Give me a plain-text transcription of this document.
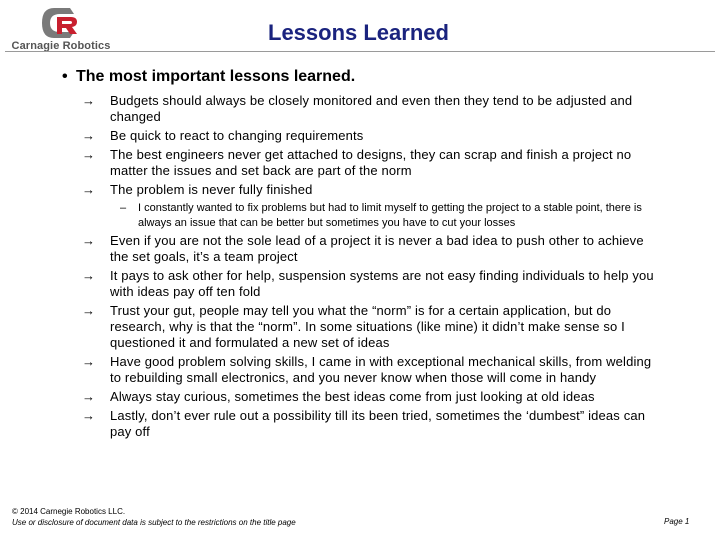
Carnagie Robotics
Lessons Learned
• The most important lessons learned.
→ Budgets should always be closely monitored and even then they tend to be adjusted and changed
→ Be quick to react to changing requirements
→ The best engineers never get attached to designs, they can scrap and finish a project no matter the issues and set back are part of the norm
→ The problem is never fully finished
– I constantly wanted to fix problems but had to limit myself to getting the project to a stable point, there is always an issue that can be better but sometimes you have to cut your losses
→ Even if you are not the sole lead of a project it is never a bad idea to push other to achieve the set goals, it’s a team project
→ It pays to ask other for help, suspension systems are not easy finding individuals to help you with ideas pay off ten fold
→ Trust your gut, people may tell you what the “norm” is for a certain application, but do research, why is that the “norm”. In some situations (like mine) it didn’t make sense so I questioned it and formulated a new set of ideas
→ Have good problem solving skills, I came in with exceptional mechanical skills, from welding to rebuilding small electronics, and you never know when those will come in handy
→ Always stay curious, sometimes the best ideas come from just looking at old ideas
→ Lastly, don’t ever rule out a possibility till its been tried, sometimes the ‘dumbest” ideas can pay off
© 2014 Carnegie Robotics LLC.
Use or disclosure of document data is subject to the restrictions on the title page	Page 1
